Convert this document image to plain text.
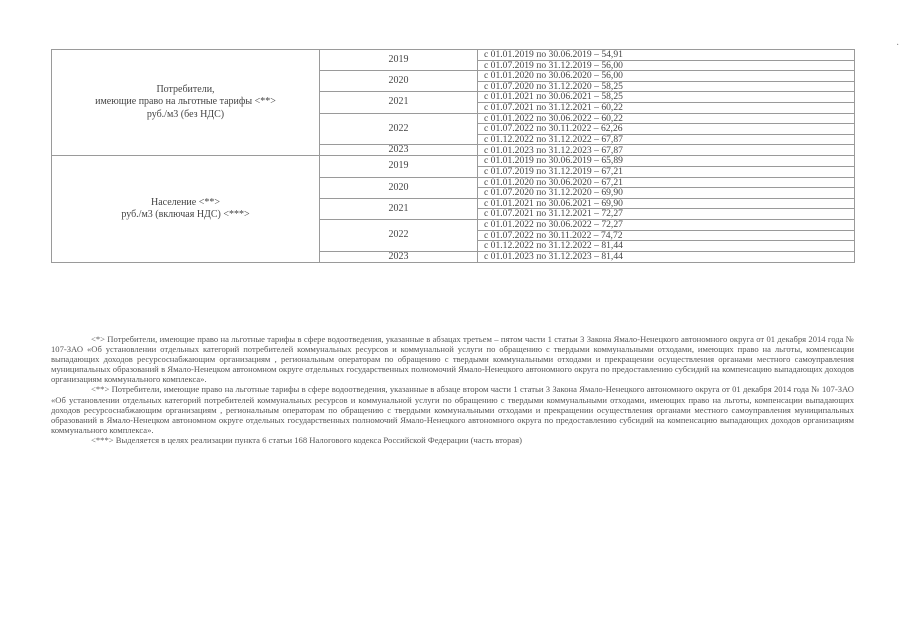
Потребители,
имеющие право на льготные тарифы <**>
руб./м3 (без НДС)	2019	с 01.01.2019 по 30.06.2019 – 54,91
		с 01.07.2019 по 31.12.2019 – 56,00
	2020	с 01.01.2020 по 30.06.2020 – 56,00
		с 01.07.2020 по 31.12.2020 – 58,25
	2021	с 01.01.2021 по 30.06.2021 – 58,25
		с 01.07.2021 по 31.12.2021 – 60,22
	2022	с 01.01.2022 по 30.06.2022 – 60,22
		с 01.07.2022 по 30.11.2022 – 62,26
		с 01.12.2022 по 31.12.2022 – 67,87
	2023	с 01.01.2023 по 31.12.2023 – 67,87

Население <**>
руб./м3 (включая НДС) <***>	2019	с 01.01.2019 по 30.06.2019 – 65,89
		с 01.07.2019 по 31.12.2019 – 67,21
	2020	с 01.01.2020 по 30.06.2020 – 67,21
		с 01.07.2020 по 31.12.2020 – 69,90
	2021	с 01.01.2021 по 30.06.2021 – 69,90
		с 01.07.2021 по 31.12.2021 – 72,27
	2022	с 01.01.2022 по 30.06.2022 – 72,27
		с 01.07.2022 по 30.11.2022 – 74,72
		с 01.12.2022 по 31.12.2022 – 81,44
	2023	с 01.01.2023 по 31.12.2023 – 81,44

<*> Потребители, имеющие право на льготные тарифы в сфере водоотведения, указанные в абзацах третьем – пятом части 1 статьи 3 Закона Ямало-Ненецкого автономного округа от 01 декабря 2014 года № 107-ЗАО «Об установлении отдельных категорий потребителей коммунальных ресурсов и коммунальной услуги по обращению с твердыми коммунальными отходами, имеющих право на льготы, компенсации выпадающих доходов ресурсоснабжающим организациям , региональным операторам по обращению с твердыми коммунальными отходами и прекращении осуществления органами местного самоуправления муниципальных образований в Ямало-Ненецком автономном округе отдельных государственных полномочий Ямало-Ненецкого автономного округа по предоставлению субсидий на компенсацию выпадающих доходов организациям коммунального комплекса».

<**> Потребители, имеющие право на льготные тарифы в сфере водоотведения, указанные в абзаце втором части 1 статьи 3 Закона Ямало-Ненецкого автономного округа от 01 декабря 2014 года № 107-ЗАО «Об установлении отдельных категорий потребителей коммунальных ресурсов и коммунальной услуги по обращению с твердыми коммунальными отходами, имеющих право на льготы, компенсации выпадающих доходов ресурсоснабжающим организациям , региональным операторам по обращению с твердыми коммунальными отходами и прекращении осуществления органами местного самоуправления муниципальных образований в Ямало-Ненецком автономном округе отдельных государственных полномочий Ямало-Ненецкого автономного округа по предоставлению субсидий на компенсацию выпадающих доходов организациям коммунального комплекса».

<***> Выделяется в целях реализации пункта 6 статьи 168 Налогового кодекса Российской Федерации (часть вторая)

·
